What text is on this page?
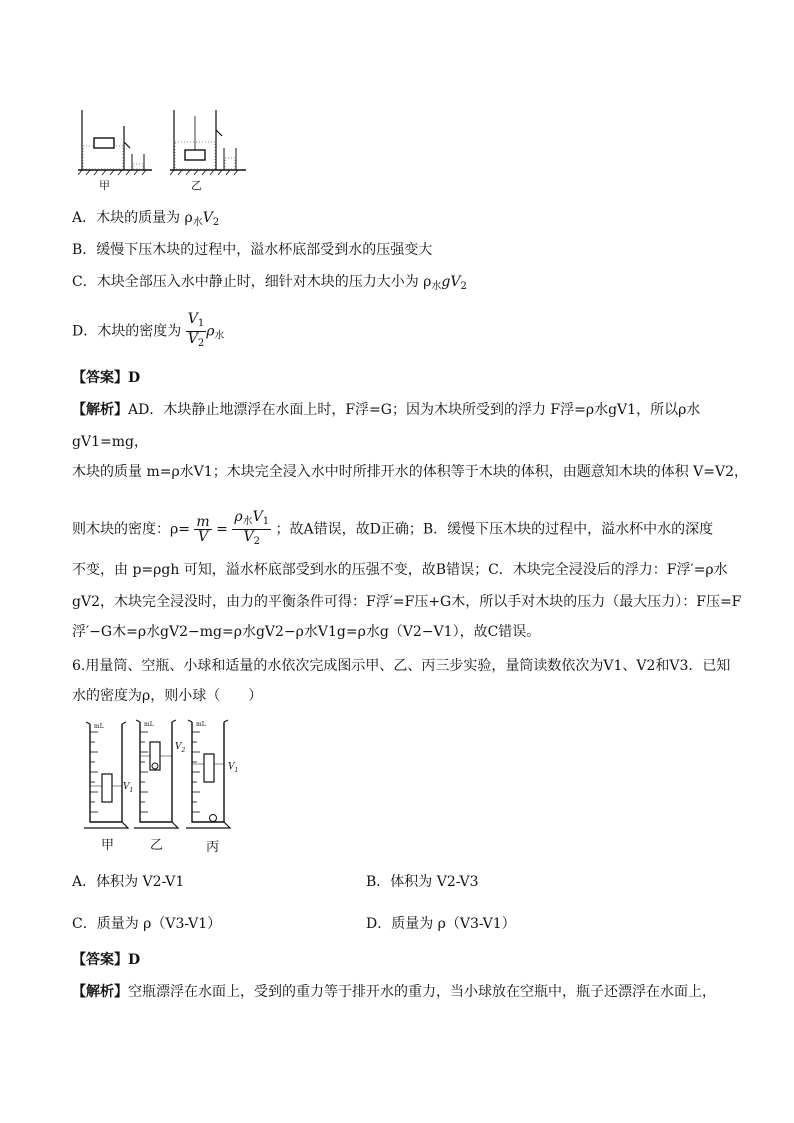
甲	乙
A．木块的质量为 $\rho_水V_2$
B．缓慢下压木块的过程中，溢水杯底部受到水的压强变大
C．木块全部压入水中静止时，细针对木块的压力大小为 $\rho_水gV_2$
D．木块的密度为 $\frac{V_1}{V_2} \rho_水$
【答案】D
【解析】AD．木块静止地漂浮在水面上时，F浮=G；因为木块所受到的浮力 F浮=ρ水gV1，所以ρ水
gV1=mg，
木块的质量 m=ρ水V1；木块完全浸入水中时所排开水的体积等于木块的体积，由题意知木块的体积 V=V2，
则木块的密度：$\rho= \frac{m}{V} = \frac{\rho_水V_1}{V_2}$ ；故A错误，故D正确；B．缓慢下压木块的过程中，溢水杯中水的深度
不变，由 p=ρgh 可知，溢水杯底部受到水的压强不变，故B错误；C．木块完全浸没后的浮力：F浮′=ρ水
gV2，木块完全浸没时，由力的平衡条件可得：F浮′=F压+G木，所以手对木块的压力（最大压力）：F压=F
浮′−G木=ρ水gV2−mg=ρ水gV2−ρ水V1g=ρ水g（V2−V1），故C错误。
6.用量筒、空瓶、小球和适量的水依次完成图示甲、乙、丙三步实验，量筒读数依次为V1、V2和V3．已知
水的密度为ρ，则小球（　　）
mL	mL	mL
$V_1$
$V_2$
$V_1$
甲	乙	丙
A．体积为 V2-V1	B．体积为 V2-V3
C．质量为 ρ（V3-V1）	D．质量为 ρ（V3-V1）
【答案】D
【解析】空瓶漂浮在水面上，受到的重力等于排开水的重力，当小球放在空瓶中，瓶子还漂浮在水面上，
